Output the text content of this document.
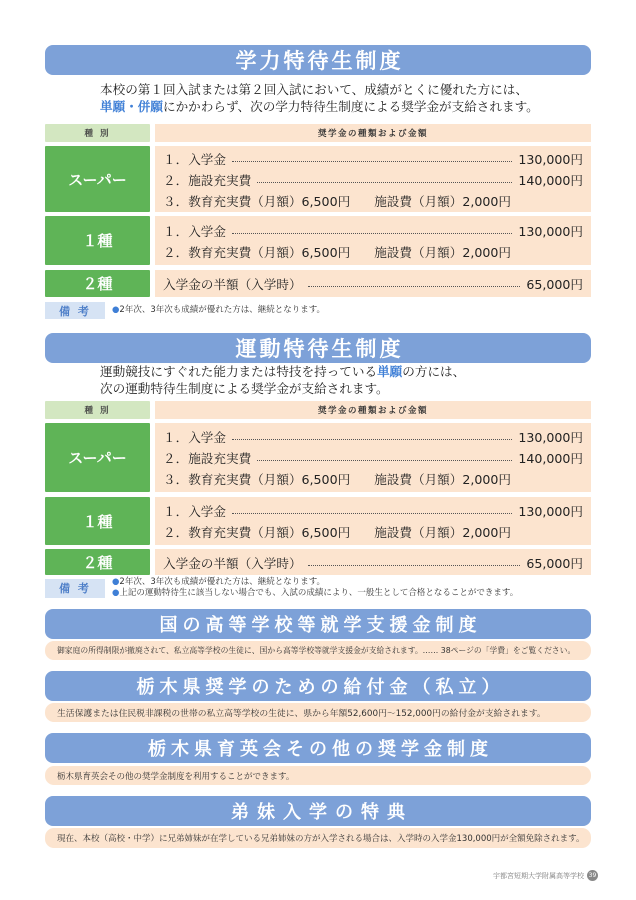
学力特待生制度
本校の第１回入試または第２回入試において、成績がとくに優れた方には、
単願・併願にかかわらず、次の学力特待生制度による奨学金が支給されます。
種 別	奨学金の種類および金額
スーパー
１．入学金	130,000円
２．施設充実費	140,000円
３．教育充実費（月額）6,500円 施設費（月額）2,000円
１種
１．入学金	130,000円
２．教育充実費（月額）6,500円 施設費（月額）2,000円
２種	入学金の半額（入学時）	65,000円
備 考	●2年次、3年次も成績が優れた方は、継続となります。
運動特待生制度
運動競技にすぐれた能力または特技を持っている単願の方には、
次の運動特待生制度による奨学金が支給されます。
種 別	奨学金の種類および金額
スーパー
１．入学金	130,000円
２．施設充実費	140,000円
３．教育充実費（月額）6,500円 施設費（月額）2,000円
１種
１．入学金	130,000円
２．教育充実費（月額）6,500円 施設費（月額）2,000円
２種	入学金の半額（入学時）	65,000円
備 考	●2年次、3年次も成績が優れた方は、継続となります。
●上記の運動特待生に該当しない場合でも、入試の成績により、一般生として合格となることができます。
国の高等学校等就学支援金制度
御家庭の所得制限が撤廃されて、私立高等学校の生徒に、国から高等学校等就学支援金が支給されます。…… 38ページの「学費」をご覧ください。
栃木県奨学のための給付金（私立）
生活保護または住民税非課税の世帯の私立高等学校の生徒に、県から年額52,600円～152,000円の給付金が支給されます。
栃木県育英会その他の奨学金制度
栃木県育英会その他の奨学金制度を利用することができます。
弟妹入学の特典
現在、本校（高校・中学）に兄弟姉妹が在学している兄弟姉妹の方が入学される場合は、入学時の入学金130,000円が全額免除されます。
宇都宮短期大学附属高等学校 39
